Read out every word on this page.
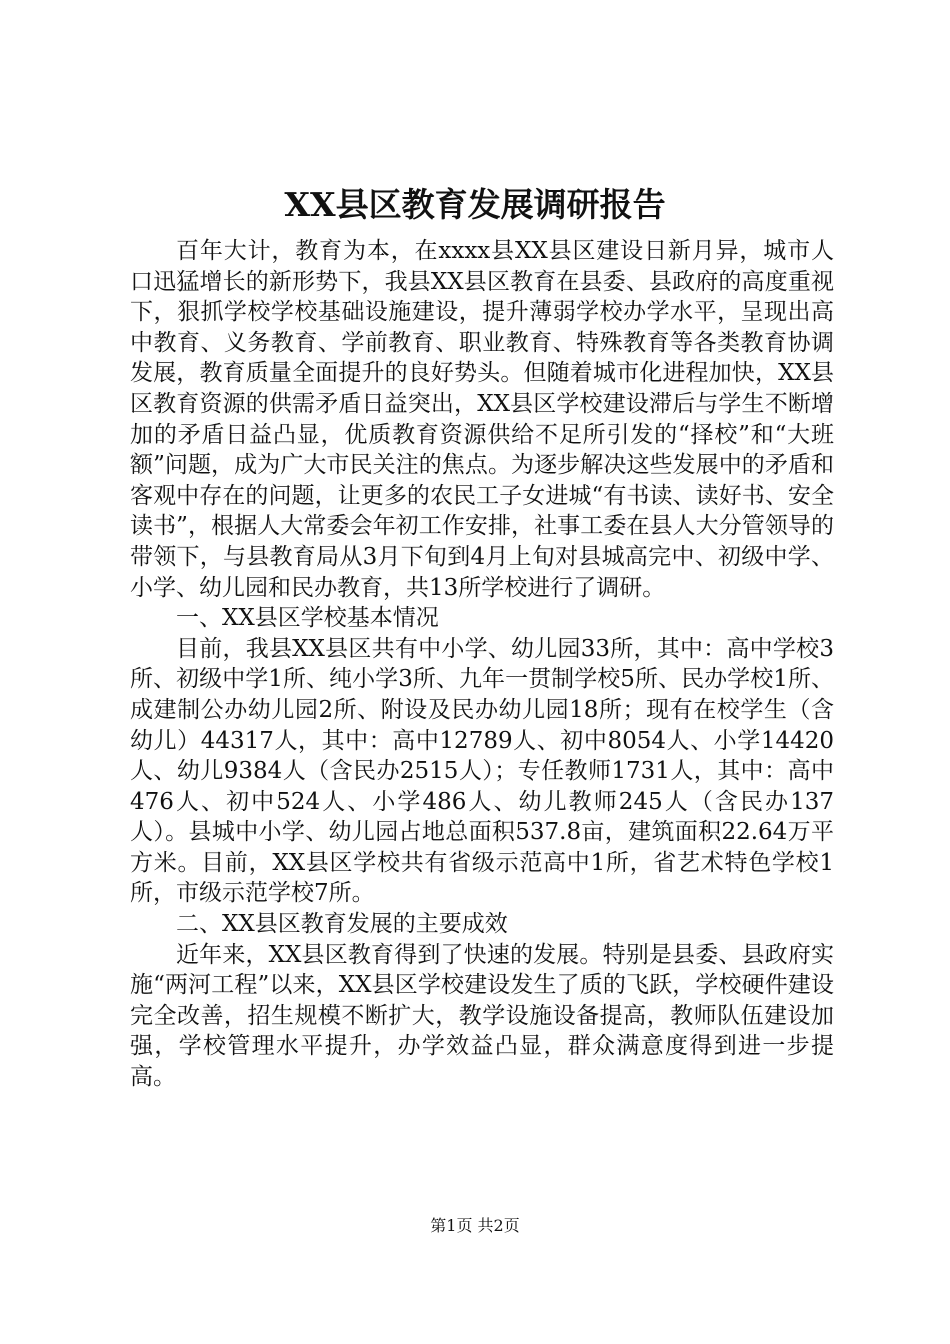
XX县区教育发展调研报告

百年大计，教育为本，在xxxx县XX县区建设日新月异，城市人口迅猛增长的新形势下，我县XX县区教育在县委、县政府的高度重视下，狠抓学校学校基础设施建设，提升薄弱学校办学水平，呈现出高中教育、义务教育、学前教育、职业教育、特殊教育等各类教育协调发展，教育质量全面提升的良好势头。但随着城市化进程加快，XX县区教育资源的供需矛盾日益突出，XX县区学校建设滞后与学生不断增加的矛盾日益凸显，优质教育资源供给不足所引发的“择校”和“大班额”问题，成为广大市民关注的焦点。为逐步解决这些发展中的矛盾和客观中存在的问题，让更多的农民工子女进城“有书读、读好书、安全读书”，根据人大常委会年初工作安排，社事工委在县人大分管领导的带领下，与县教育局从3月下旬到4月上旬对县城高完中、初级中学、小学、幼儿园和民办教育，共13所学校进行了调研。

一、XX县区学校基本情况

目前，我县XX县区共有中小学、幼儿园33所，其中：高中学校3所、初级中学1所、纯小学3所、九年一贯制学校5所、民办学校1所、成建制公办幼儿园2所、附设及民办幼儿园18所；现有在校学生（含幼儿）44317人，其中：高中12789人、初中8054人、小学14420人、幼儿9384人（含民办2515人）；专任教师1731人，其中：高中476人、初中524人、小学486人、幼儿教师245人（含民办137人）。县城中小学、幼儿园占地总面积537.8亩，建筑面积22.64万平方米。目前，XX县区学校共有省级示范高中1所，省艺术特色学校1所，市级示范学校7所。

二、XX县区教育发展的主要成效

近年来，XX县区教育得到了快速的发展。特别是县委、县政府实施“两河工程”以来，XX县区学校建设发生了质的飞跃，学校硬件建设完全改善，招生规模不断扩大，教学设施设备提高，教师队伍建设加强，学校管理水平提升，办学效益凸显，群众满意度得到进一步提高。

第1页 共2页
